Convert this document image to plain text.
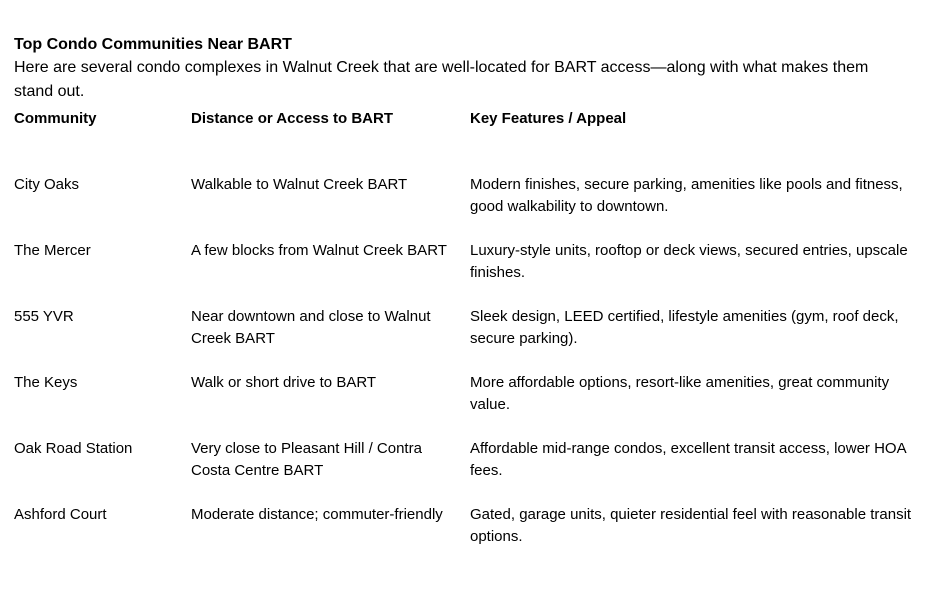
Top Condo Communities Near BART

Here are several condo complexes in Walnut Creek that are well-located for BART access—along with what makes them stand out.

Community	Distance or Access to BART	Key Features / Appeal

City Oaks	Walkable to Walnut Creek BART	Modern finishes, secure parking, amenities like pools and fitness, good walkability to downtown.

The Mercer	A few blocks from Walnut Creek BART	Luxury-style units, rooftop or deck views, secured entries, upscale finishes.

555 YVR	Near downtown and close to Walnut Creek BART	Sleek design, LEED certified, lifestyle amenities (gym, roof deck, secure parking).

The Keys	Walk or short drive to BART	More affordable options, resort-like amenities, great community value.

Oak Road Station	Very close to Pleasant Hill / Contra Costa Centre BART	Affordable mid-range condos, excellent transit access, lower HOA fees.

Ashford Court	Moderate distance; commuter-friendly	Gated, garage units, quieter residential feel with reasonable transit options.
